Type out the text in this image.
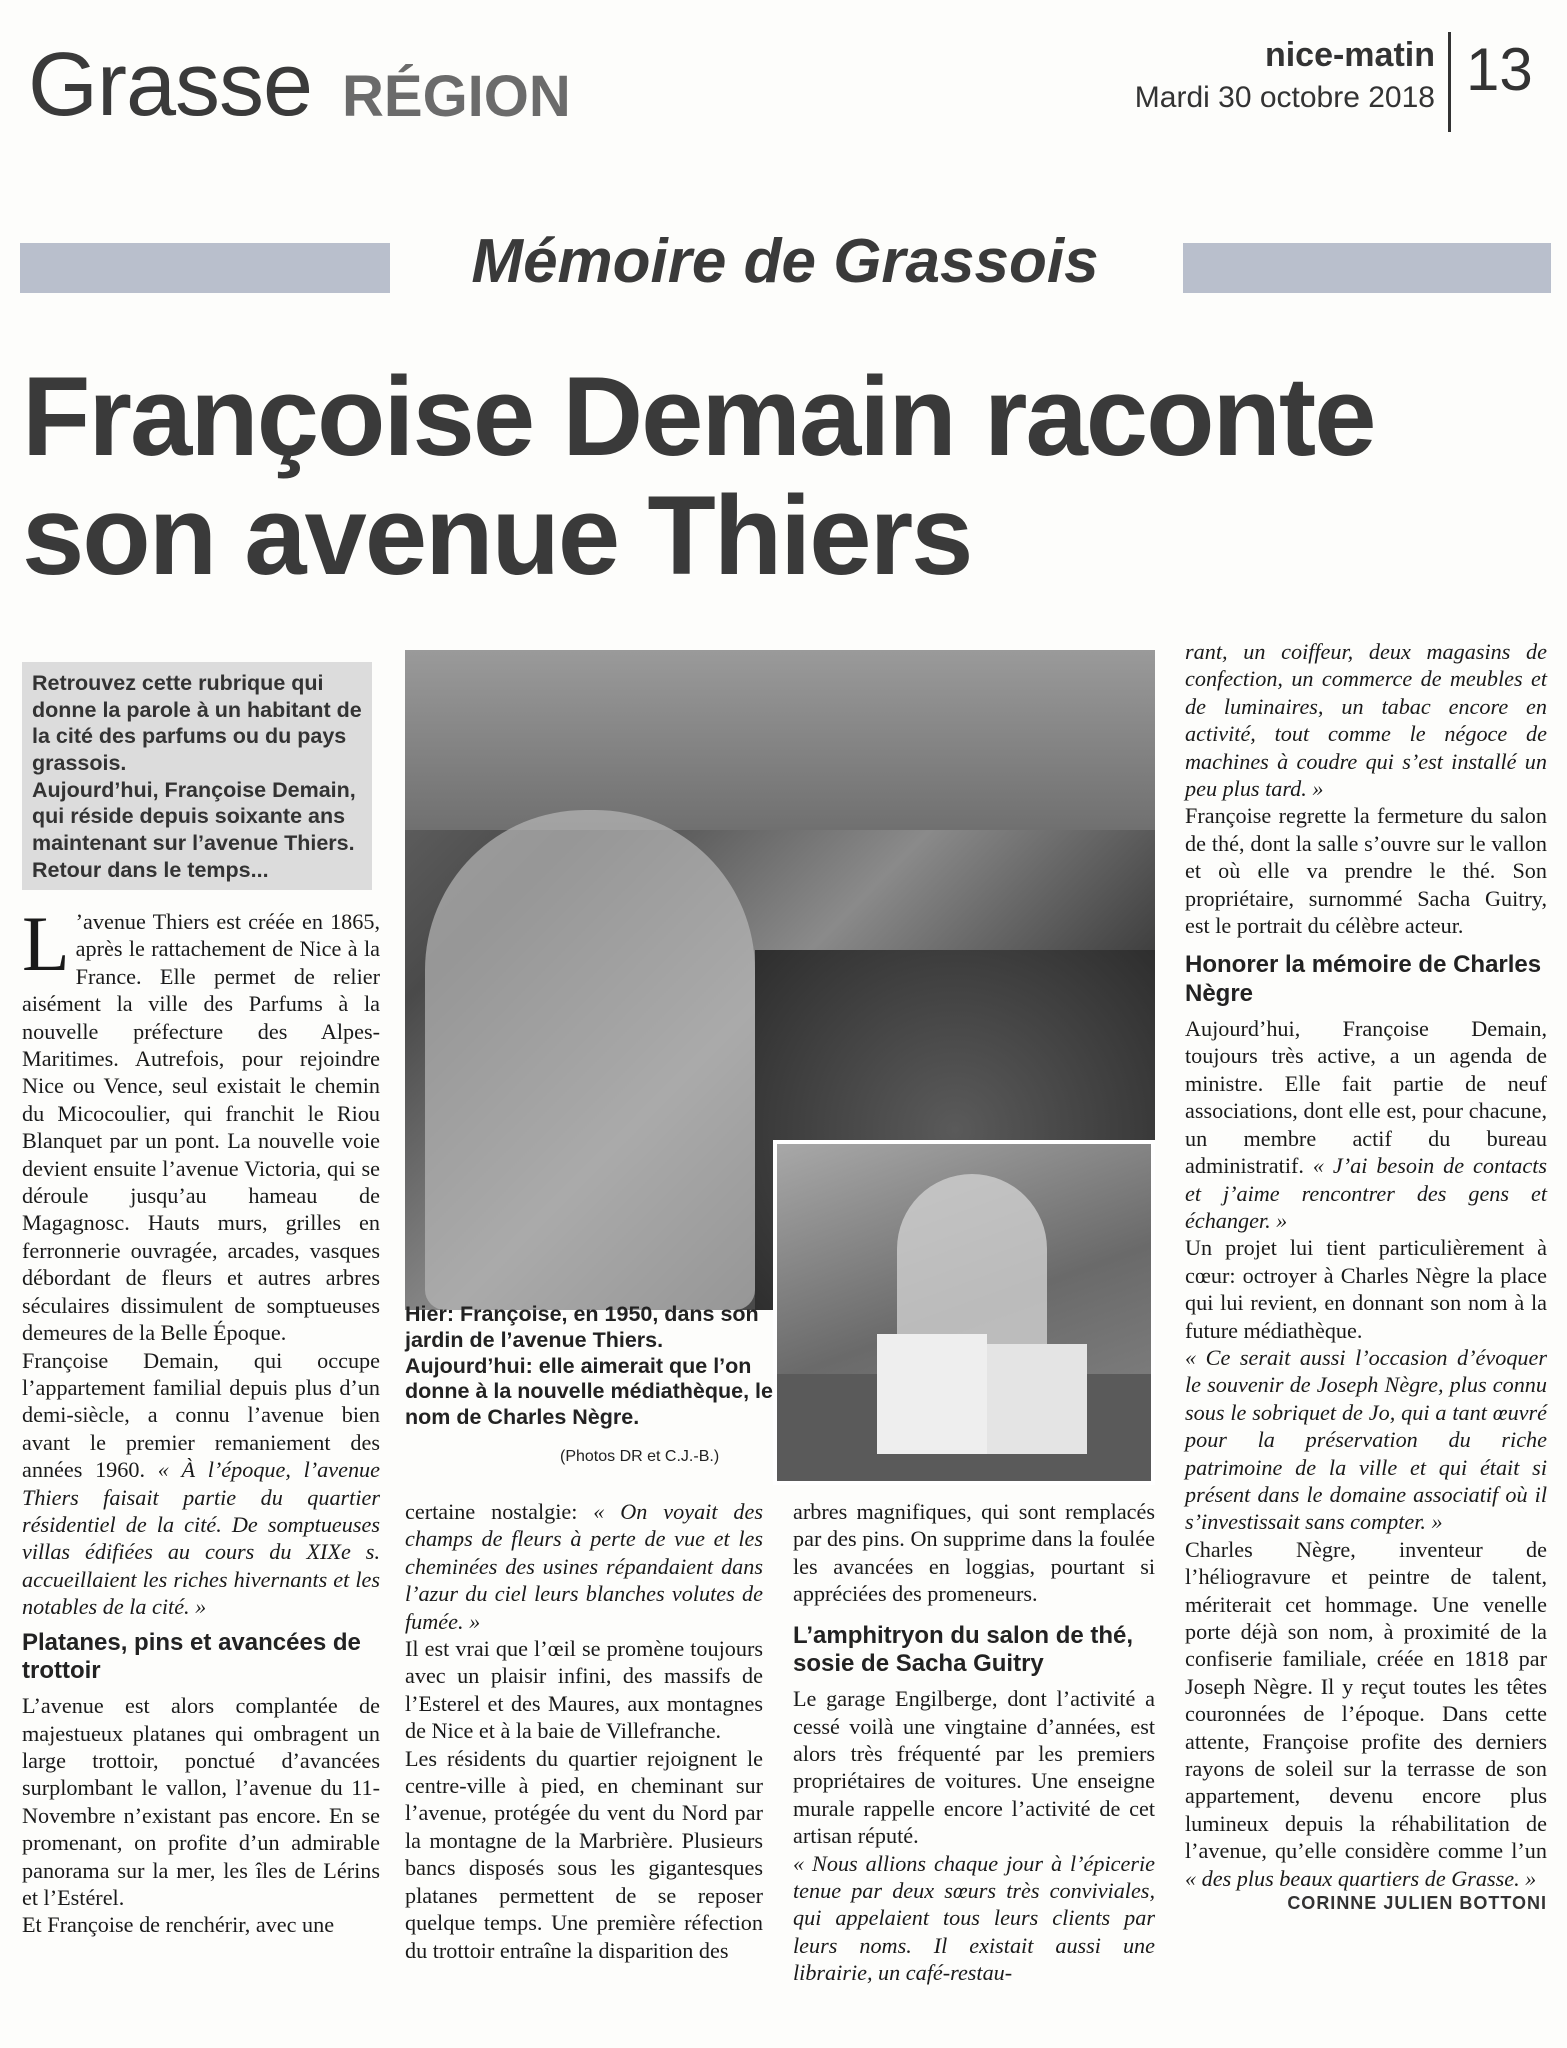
Grasse RÉGION
nice-matin
Mardi 30 octobre 2018 13
Mémoire de Grassois
Françoise Demain raconte
son avenue Thiers
Retrouvez cette rubrique qui donne la parole à un habitant de la cité des parfums ou du pays grassois.
Aujourd’hui, Françoise Demain, qui réside depuis soixante ans maintenant sur l’avenue Thiers. Retour dans le temps...
Hier: Françoise, en 1950, dans son jardin de l’avenue Thiers. Aujourd’hui: elle aimerait que l’on donne à la nouvelle médiathèque, le nom de Charles Nègre.
(Photos DR et C.J.-B.)

L ’avenue Thiers est créée en 1865, après le rattachement de Nice à la France. Elle permet de relier aisément la ville des Parfums à la nouvelle préfecture des Alpes-Maritimes. Autrefois, pour rejoindre Nice ou Vence, seul existait le chemin du Micocoulier, qui franchit le Riou Blanquet par un pont. La nouvelle voie devient ensuite l’avenue Victoria, qui se déroule jusqu’au hameau de Magagnosc. Hauts murs, grilles en ferronnerie ouvragée, arcades, vasques débordant de fleurs et autres arbres séculaires dissimulent de somptueuses demeures de la Belle Époque.

Françoise Demain, qui occupe l’appartement familial depuis plus d’un demi-siècle, a connu l’avenue bien avant le premier remaniement des années 1960. « À l’époque, l’avenue Thiers faisait partie du quartier résidentiel de la cité. De somptueuses villas édifiées au cours du XIXe s. accueillaient les riches hivernants et les notables de la cité. »

Platanes, pins et avancées de trottoir

L’avenue est alors complantée de majestueux platanes qui ombragent un large trottoir, ponctué d’avancées surplombant le vallon, l’avenue du 11-Novembre n’existant pas encore. En se promenant, on profite d’un admirable panorama sur la mer, les îles de Lérins et l’Estérel.

Et Françoise de renchérir, avec une

certaine nostalgie: « On voyait des champs de fleurs à perte de vue et les cheminées des usines répandaient dans l’azur du ciel leurs blanches volutes de fumée. »

Il est vrai que l’œil se promène toujours avec un plaisir infini, des massifs de l’Esterel et des Maures, aux montagnes de Nice et à la baie de Villefranche.

Les résidents du quartier rejoignent le centre-ville à pied, en cheminant sur l’avenue, protégée du vent du Nord par la montagne de la Marbrière. Plusieurs bancs disposés sous les gigantesques platanes permettent de se reposer quelque temps. Une première réfection du trottoir entraîne la disparition des

arbres magnifiques, qui sont remplacés par des pins. On supprime dans la foulée les avancées en loggias, pourtant si appréciées des promeneurs.

L’amphitryon du salon de thé, sosie de Sacha Guitry

Le garage Engilberge, dont l’activité a cessé voilà une vingtaine d’années, est alors très fréquenté par les premiers propriétaires de voitures. Une enseigne murale rappelle encore l’activité de cet artisan réputé.

« Nous allions chaque jour à l’épicerie tenue par deux sœurs très conviviales, qui appelaient tous leurs clients par leurs noms. Il existait aussi une librairie, un café-restau-

rant, un coiffeur, deux magasins de confection, un commerce de meubles et de luminaires, un tabac encore en activité, tout comme le négoce de machines à coudre qui s’est installé un peu plus tard. »

Françoise regrette la fermeture du salon de thé, dont la salle s’ouvre sur le vallon et où elle va prendre le thé. Son propriétaire, surnommé Sacha Guitry, est le portrait du célèbre acteur.

Honorer la mémoire de Charles Nègre

Aujourd’hui, Françoise Demain, toujours très active, a un agenda de ministre. Elle fait partie de neuf associations, dont elle est, pour chacune, un membre actif du bureau administratif. « J’ai besoin de contacts et j’aime rencontrer des gens et échanger. »

Un projet lui tient particulièrement à cœur: octroyer à Charles Nègre la place qui lui revient, en donnant son nom à la future médiathèque.

« Ce serait aussi l’occasion d’évoquer le souvenir de Joseph Nègre, plus connu sous le sobriquet de Jo, qui a tant œuvré pour la préservation du riche patrimoine de la ville et qui était si présent dans le domaine associatif où il s’investissait sans compter. »

Charles Nègre, inventeur de l’héliogravure et peintre de talent, mériterait cet hommage. Une venelle porte déjà son nom, à proximité de la confiserie familiale, créée en 1818 par Joseph Nègre. Il y reçut toutes les têtes couronnées de l’époque. Dans cette attente, Françoise profite des derniers rayons de soleil sur la terrasse de son appartement, devenu encore plus lumineux depuis la réhabilitation de l’avenue, qu’elle considère comme l’un « des plus beaux quartiers de Grasse. »

CORINNE JULIEN BOTTONI
